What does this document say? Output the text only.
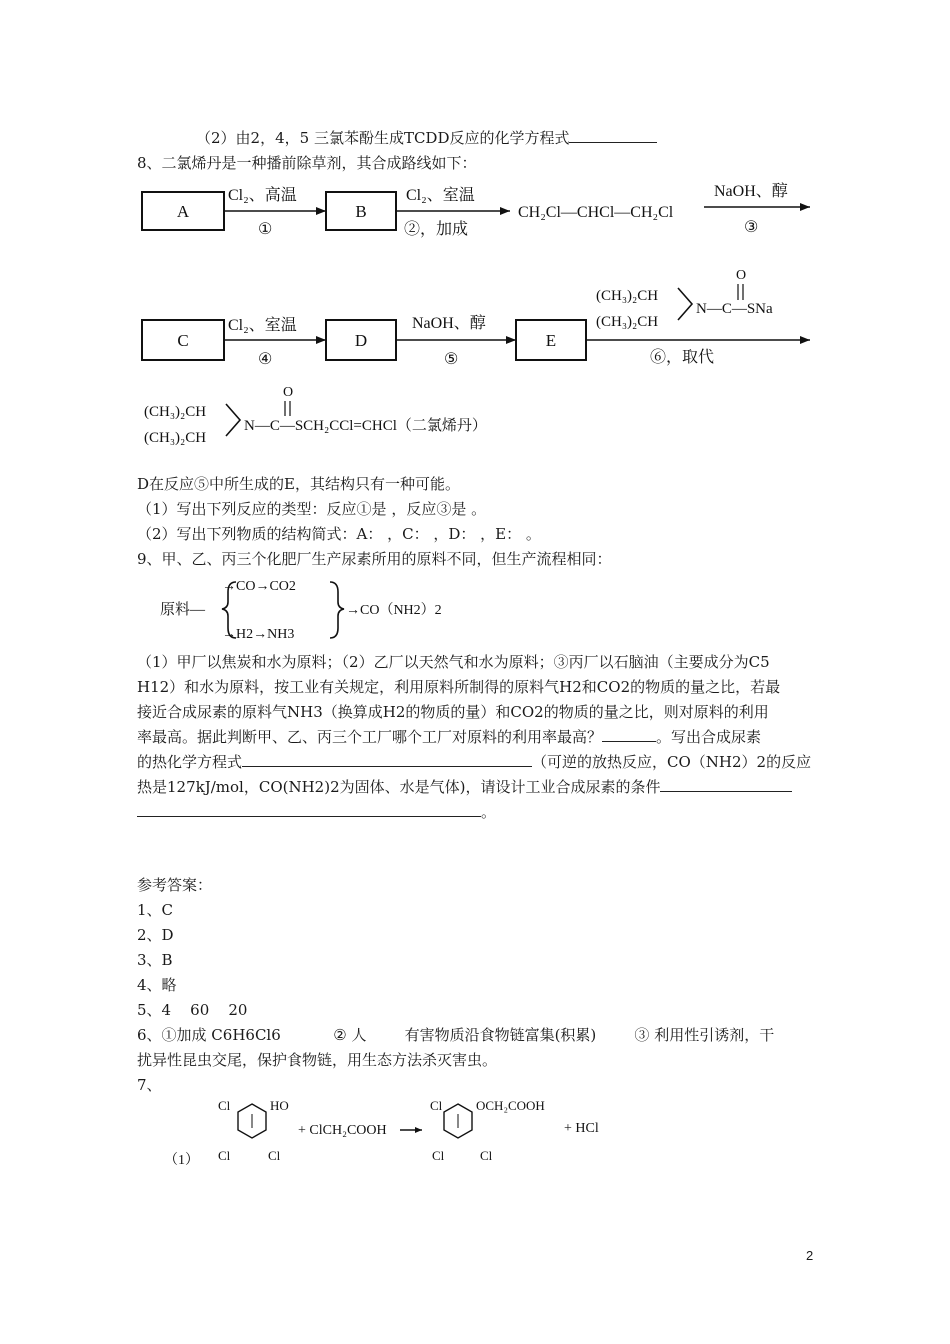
（2）由2，4，5 三氯苯酚生成TCDD反应的化学方程式
8、二氯烯丹是一种播前除草剂，其合成路线如下：
A
Cl₂、高温
①
B
Cl₂、室温
②，加成
CH₂Cl—CHCl—CH₂Cl
NaOH、醇
③
C
Cl₂、室温
④
D
NaOH、醇
⑤
E
(CH₃)₂CH
(CH₃)₂CH
N—C—SNa
O
⑥，取代
(CH₃)₂CH
(CH₃)₂CH
N—C—SCH₂CCl=CHCl（二氯烯丹）
O
D在反应⑤中所生成的E，其结构只有一种可能。
（1）写出下列反应的类型：反应①是 ，反应③是 。
（2）写出下列物质的结构简式：A： ，C： ，D： ，E： 。
9、甲、乙、丙三个化肥厂生产尿素所用的原料不同，但生产流程相同：
原料—
→CO→CO2
→H2→NH3
→CO（NH2）2
（1）甲厂以焦炭和水为原料；（2）乙厂以天然气和水为原料；③丙厂以石脑油（主要成分为C5
H12）和水为原料，按工业有关规定，利用原料所制得的原料气H2和CO2的物质的量之比，若最
接近合成尿素的原料气NH3（换算成H2的物质的量）和CO2的物质的量之比，则对原料的利用
率最高。据此判断甲、乙、丙三个工厂哪个工厂对原料的利用率最高？	。写出合成尿素
的热化学方程式	（可逆的放热反应，CO（NH2）2的反应
热是127kJ/mol，CO(NH2)2为固体、水是气体)，请设计工业合成尿素的条件
。
参考答案：
1、C
2、D
3、B
4、略
5、4    60    20
6、①加成 C6H6Cl6           ② 人        有害物质沿食物链富集(积累)        ③ 利用性引诱剂，干
扰异性昆虫交尾，保护食物链，用生态方法杀灭害虫。
7、
（1）
Cl
Cl	Cl
HO
+ ClCH₂COOH
Cl
Cl	Cl
OCH₂COOH
+ HCl
2
